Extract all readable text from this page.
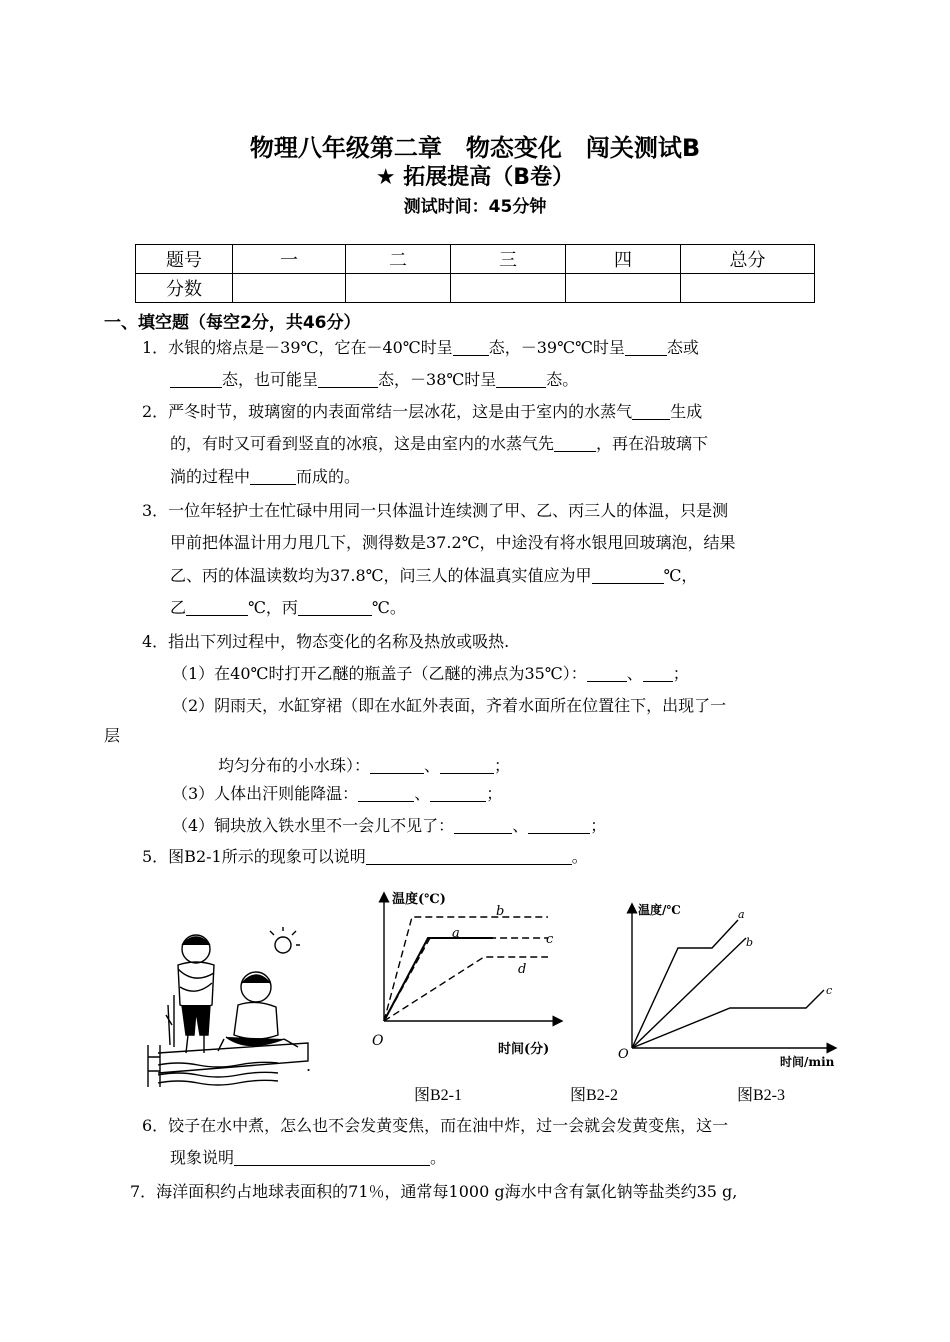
物理八年级第二章　物态变化　闯关测试B
★ 拓展提高（B卷）
测试时间：45分钟
题号	一	二	三	四	总分
分数					
一、填空题（每空2分，共46分）
1．水银的熔点是－39℃，它在－40℃时呈 态，－39℃℃时呈	态或
态，也可能呈	态，－38℃时呈	态。
2．严冬时节，玻璃窗的内表面常结一层冰花，这是由于室内的水蒸气 生成
的，有时又可看到竖直的冰痕，这是由室内的水蒸气先	，再在沿玻璃下
淌的过程中	而成的。
3．一位年轻护士在忙碌中用同一只体温计连续测了甲、乙、丙三人的体温，只是测
甲前把体温计用力甩几下，测得数是37.2℃，中途没有将水银甩回玻璃泡，结果
乙、丙的体温读数均为37.8℃，问三人的体温真实值应为甲	℃，
乙	℃，丙	℃。
4．指出下列过程中，物态变化的名称及热放或吸热.
（1）在40℃时打开乙醚的瓶盖子（乙醚的沸点为35℃）：	、 ；
（2）阴雨天，水缸穿裙（即在水缸外表面，齐着水面所在位置往下，出现了一
层
均匀分布的小水珠）：	、	；
（3）人体出汗则能降温：	、	；
（4）铜块放入铁水里不一会儿不见了：	、	；
5．图B2-1所示的现象可以说明	。
.
温度(℃)
时间(分)
O
a
b
c
d
温度/℃
时间/min
O
a
b
c
图B2-1	图B2-2	图B2-3
6．饺子在水中煮，怎么也不会发黄变焦，而在油中炸，过一会就会发黄变焦，这一
现象说明	。
7．海洋面积约占地球表面积的71％，通常每1000 g海水中含有氯化钠等盐类约35 g,
